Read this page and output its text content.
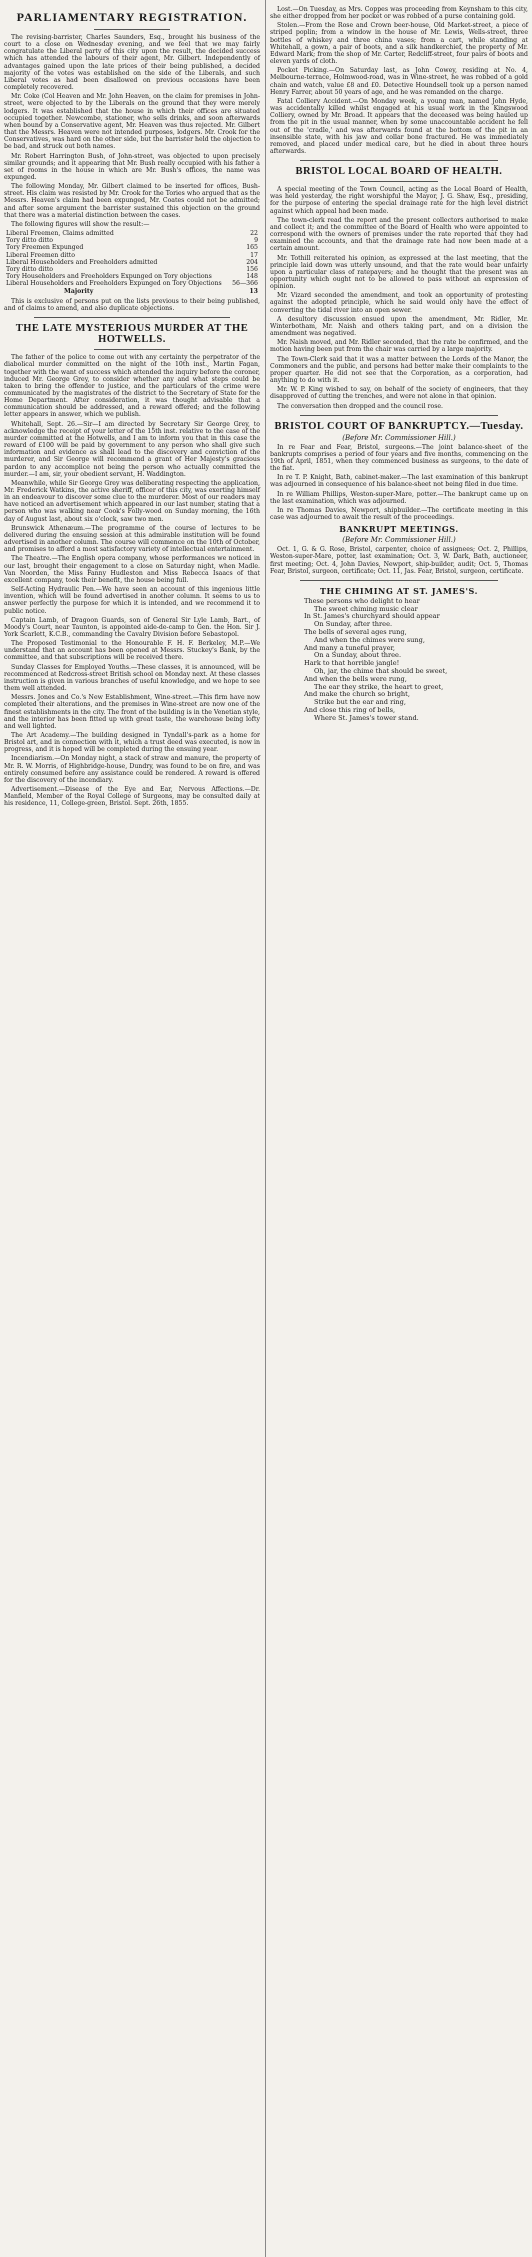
PARLIAMENTARY REGISTRATION.

The revising-barrister, Charles Saunders, Esq., brought his business of the court to a close on Wednesday evening, and we feel that we may fairly congratulate the Liberal party of this city upon the result, the decided success which has attended the labours of their agent, Mr. Gilbert. Independently of advantages gained upon the late prices of their being published, a decided majority of the votes was established on the side of the Liberals, and such Liberal votes as had been disallowed on previous occasions have been completely recovered.

Mr. Coke (Col Heaven and Mr. John Heaven, on the claim for premises in John-street, were objected to by the Liberals on the ground that they were merely lodgers. It was established that the house in which their offices are situated occupied together. Newcombe, stationer, who sells drinks, and soon afterwards when bound by a Conservative agent, Mr. Heaven was thus rejected. Mr. Gilbert that the Messrs. Heaven were not intended purposes, lodgers. Mr. Crook for the Conservatives, was hard on the other side, but the barrister held the objection to be bad, and struck out both names.

Mr. Robert Harrington Bush, of John-street, was objected to upon precisely similar grounds; and it appearing that Mr. Bush really occupied with his father a set of rooms in the house in which are Mr. Bush's offices, the name was expunged.

The following Monday, Mr. Gilbert claimed to be inserted for offices, Bush-street. His claim was resisted by Mr. Crook for the Tories who argued that as the Messrs. Heaven's claim had been expunged, Mr. Coates could not be admitted; and after some argument the barrister sustained this objection on the ground that there was a material distinction between the cases.

The following figures will show the result:—

Liberal Freemen, Claims admitted	22
Tory ditto ditto	9
Tory Freemen Expunged	165
Liberal Freemen ditto	17
Liberal Householders and Freeholders admitted	204
Tory ditto ditto	156
Tory Householders and Freeholders Expunged on Tory objections	148
Liberal Householders and Freeholders Expunged on Tory Objections	56—366
Majority	13

This is exclusive of persons put on the lists previous to their being published, and of claims to amend, and also duplicate objections.

THE LATE MYSTERIOUS MURDER AT THE HOTWELLS.

The father of the police to come out with any certainty the perpetrator of the diabolical murder committed on the night of the 10th inst., Martin Fagan, together with the want of success which attended the inquiry before the coroner, induced Mr. George Grey, to consider whether any and what steps could be taken to bring the offender to justice, and the particulars of the crime were communicated by the magistrates of the district to the Secretary of State for the Home Department. After consideration, it was thought advisable that a communication should be addressed, and a reward offered; and the following letter appears in answer, which we publish.

Whitehall, Sept. 26.—Sir—I am directed by Secretary Sir George Grey, to acknowledge the receipt of your letter of the 15th inst. relative to the case of the murder committed at the Hotwells, and I am to inform you that in this case the reward of £100 will be paid by government to any person who shall give such information and evidence as shall lead to the discovery and conviction of the murderer, and Sir George will recommend a grant of Her Majesty's gracious pardon to any accomplice not being the person who actually committed the murder.—I am, sir, your obedient servant, H. Waddington.

Meanwhile, while Sir George Grey was deliberating respecting the application, Mr. Frederick Watkins, the active sheriff, officer of this city, was exerting himself in an endeavour to discover some clue to the murderer. Most of our readers may have noticed an advertisement which appeared in our last number, stating that a person who was walking near Cook's Folly-wood on Sunday morning, the 16th day of August last, about six o'clock, saw two men.

Brunswick Athenæum.—The programme of the course of lectures to be delivered during the ensuing session at this admirable institution will be found advertised in another column. The course will commence on the 10th of October, and promises to afford a most satisfactory variety of intellectual entertainment.

The Theatre.—The English opera company, whose performances we noticed in our last, brought their engagement to a close on Saturday night, when Madle. Van Noorden, the Miss Fanny Hudleston and Miss Rebecca Isaacs of that excellent company, took their benefit, the house being full.

Self-Acting Hydraulic Pen.—We have seen an account of this ingenious little invention, which will be found advertised in another column. It seems to us to answer perfectly the purpose for which it is intended, and we recommend it to public notice.

Captain Lamb, of Dragoon Guards, son of General Sir Lyle Lamb, Bart., of Moody's Court, near Taunton, is appointed aide-de-camp to Gen. the Hon. Sir J. York Scarlett, K.C.B., commanding the Cavalry Division before Sebastopol.

The Proposed Testimonial to the Honourable F. H. F. Berkeley, M.P.—We understand that an account has been opened at Messrs. Stuckey's Bank, by the committee, and that subscriptions will be received there.

Sunday Classes for Employed Youths.—These classes, it is announced, will be recommenced at Redcross-street British school on Monday next. At these classes instruction is given in various branches of useful knowledge, and we hope to see them well attended.

Messrs. Jones and Co.'s New Establishment, Wine-street.—This firm have now completed their alterations, and the premises in Wine-street are now one of the finest establishments in the city. The front of the building is in the Venetian style, and the interior has been fitted up with great taste, the warehouse being lofty and well lighted.

The Art Academy.—The building designed in Tyndall's-park as a home for Bristol art, and in connection with it, which a trust deed was executed, is now in progress, and it is hoped will be completed during the ensuing year.

Incendiarism.—On Monday night, a stack of straw and manure, the property of Mr. R. W. Morris, of Highbridge-house, Dundry, was found to be on fire, and was entirely consumed before any assistance could be rendered. A reward is offered for the discovery of the incendiary.

Advertisement.—Disease of the Eye and Ear, Nervous Affections.—Dr. Manfield, Member of the Royal College of Surgeons, may be consulted daily at his residence, 11, College-green, Bristol. Sept. 26th, 1855.

Lost.—On Tuesday, as Mrs. Coppes was proceeding from Keynsham to this city, she either dropped from her pocket or was robbed of a purse containing gold.

Stolen.—From the Rose and Crown beer-house, Old Market-street, a piece of striped poplin; from a window in the house of Mr. Lewis, Wells-street, three bottles of whiskey and three china vases; from a cart, while standing at Whitehall, a gown, a pair of boots, and a silk handkerchief, the property of Mr. Edward Mark; from the shop of Mr. Carter, Redcliff-street, four pairs of boots and eleven yards of cloth.

Pocket Picking.—On Saturday last, as John Cowey, residing at No. 4, Melbourne-terrace, Holmwood-road, was in Wine-street, he was robbed of a gold chain and watch, value £8 and £0. Detective Houndsell took up a person named Henry Farrer, about 50 years of age, and he was remanded on the charge.

Fatal Colliery Accident.—On Monday week, a young man, named John Hyde, was accidentally killed whilst engaged at his usual work in the Kingswood Colliery, owned by Mr. Broad. It appears that the deceased was being hauled up from the pit in the usual manner, when by some unaccountable accident he fell out of the 'cradle,' and was afterwards found at the bottom of the pit in an insensible state, with his jaw and collar bone fractured. He was immediately removed, and placed under medical care, but he died in about three hours afterwards.

BRISTOL LOCAL BOARD OF HEALTH.

A special meeting of the Town Council, acting as the Local Board of Health, was held yesterday, the right worshipful the Mayor, J. G. Shaw, Esq., presiding, for the purpose of entering the special drainage rate for the high level district against which appeal had been made.

The town-clerk read the report and the present collectors authorised to make and collect it; and the committee of the Board of Health who were appointed to correspond with the owners of premises under the rate reported that they had examined the accounts, and that the drainage rate had now been made at a certain amount.

Mr. Tothill reiterated his opinion, as expressed at the last meeting, that the principle laid down was utterly unsound, and that the rate would bear unfairly upon a particular class of ratepayers; and he thought that the present was an opportunity which ought not to be allowed to pass without an expression of opinion.

Mr. Vizard seconded the amendment, and took an opportunity of protesting against the adopted principle, which he said would only have the effect of converting the tidal river into an open sewer.

A desultory discussion ensued upon the amendment, Mr. Ridler, Mr. Winterbotham, Mr. Naish and others taking part, and on a division the amendment was negatived.

Mr. Naish moved, and Mr. Ridler seconded, that the rate be confirmed, and the motion having been put from the chair was carried by a large majority.

The Town-Clerk said that it was a matter between the Lords of the Manor, the Commoners and the public, and persons had better make their complaints to the proper quarter. He did not see that the Corporation, as a corporation, had anything to do with it.

Mr. W. P. King wished to say, on behalf of the society of engineers, that they disapproved of cutting the trenches, and were not alone in that opinion.

The conversation then dropped and the council rose.

BRISTOL COURT OF BANKRUPTCY.—Tuesday.
(Before Mr. Commissioner Hill.)

In re Fear and Fear, Bristol, surgeons.—The joint balance-sheet of the bankrupts comprises a period of four years and five months, commencing on the 19th of April, 1851, when they commenced business as surgeons, to the date of the fiat.

In re T. P. Knight, Bath, cabinet-maker.—The last examination of this bankrupt was adjourned in consequence of his balance-sheet not being filed in due time.

In re William Phillips, Weston-super-Mare, potter.—The bankrupt came up on the last examination, which was adjourned.

In re Thomas Davies, Newport, shipbuilder.—The certificate meeting in this case was adjourned to await the result of the proceedings.

BANKRUPT MEETINGS.
(Before Mr. Commissioner Hill.)

Oct. 1, G. & G. Rose, Bristol, carpenter, choice of assignees; Oct. 2, Phillips, Weston-super-Mare, potter, last examination; Oct. 3, W. Dark, Bath, auctioneer, first meeting; Oct. 4, John Davies, Newport, ship-builder, audit; Oct. 5, Thomas Fear, Bristol, surgeon, certificate; Oct. 11, Jas. Fear, Bristol, surgeon, certificate.

THE CHIMING AT ST. JAMES'S.
These persons who delight to hear
The sweet chiming music clear
In St. James's churchyard should appear
On Sunday, after three.
The bells of several ages rung,
And when the chimes were sung,
And many a tuneful prayer,
On a Sunday, about three.
Hark to that horrible jangle!
Oh, jar, the chime that should be sweet,
And when the bells were rung,
The ear they strike, the heart to greet,
And make the church so bright,
Strike but the ear and ring,
And close this ring of bells,
Where St. James's tower stand.
